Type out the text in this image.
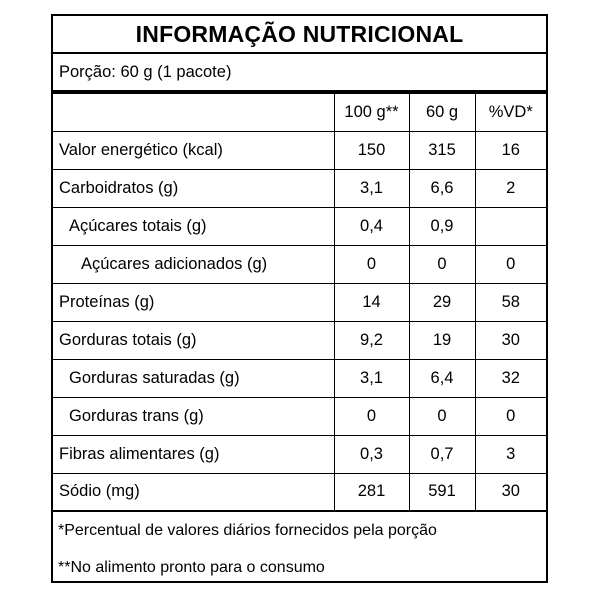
INFORMAÇÃO NUTRICIONAL
Porção: 60 g (1 pacote)
	100 g**	60 g	%VD*
Valor energético (kcal)	150	315	16
Carboidratos (g)	3,1	6,6	2
Açúcares totais (g)	0,4	0,9	
Açúcares adicionados (g)	0	0	0
Proteínas (g)	14	29	58
Gorduras totais (g)	9,2	19	30
Gorduras saturadas (g)	3,1	6,4	32
Gorduras trans (g)	0	0	0
Fibras alimentares (g)	0,3	0,7	3
Sódio (mg)	281	591	30
*Percentual de valores diários fornecidos pela porção
**No alimento pronto para o consumo
